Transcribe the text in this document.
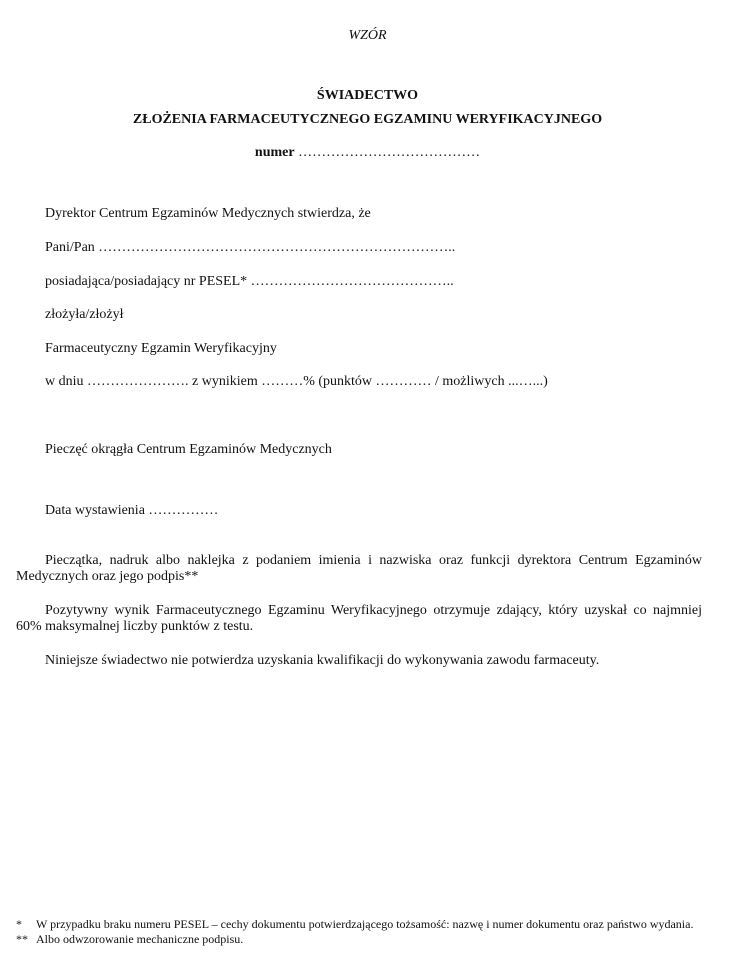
WZÓR
ŚWIADECTWO
ZŁOŻENIA FARMACEUTYCZNEGO EGZAMINU WERYFIKACYJNEGO
numer …………………………………
Dyrektor Centrum Egzaminów Medycznych stwierdza, że
Pani/Pan …………………………………………………………………..
posiadająca/posiadający nr PESEL* ……………………………………..
złożyła/złożył
Farmaceutyczny Egzamin Weryfikacyjny
w dniu …………………. z wynikiem ………% (punktów ………… / możliwych ...…...)
Pieczęć okrągła Centrum Egzaminów Medycznych
Data wystawienia ……………
Pieczątka, nadruk albo naklejka z podaniem imienia i nazwiska oraz funkcji dyrektora Centrum Egzaminów Medycznych oraz jego podpis**
Pozytywny wynik Farmaceutycznego Egzaminu Weryfikacyjnego otrzymuje zdający, który uzyskał co najmniej 60% maksymalnej liczby punktów z testu.
Niniejsze świadectwo nie potwierdza uzyskania kwalifikacji do wykonywania zawodu farmaceuty.
* W przypadku braku numeru PESEL – cechy dokumentu potwierdzającego tożsamość: nazwę i numer dokumentu oraz państwo wydania.
** Albo odwzorowanie mechaniczne podpisu.
